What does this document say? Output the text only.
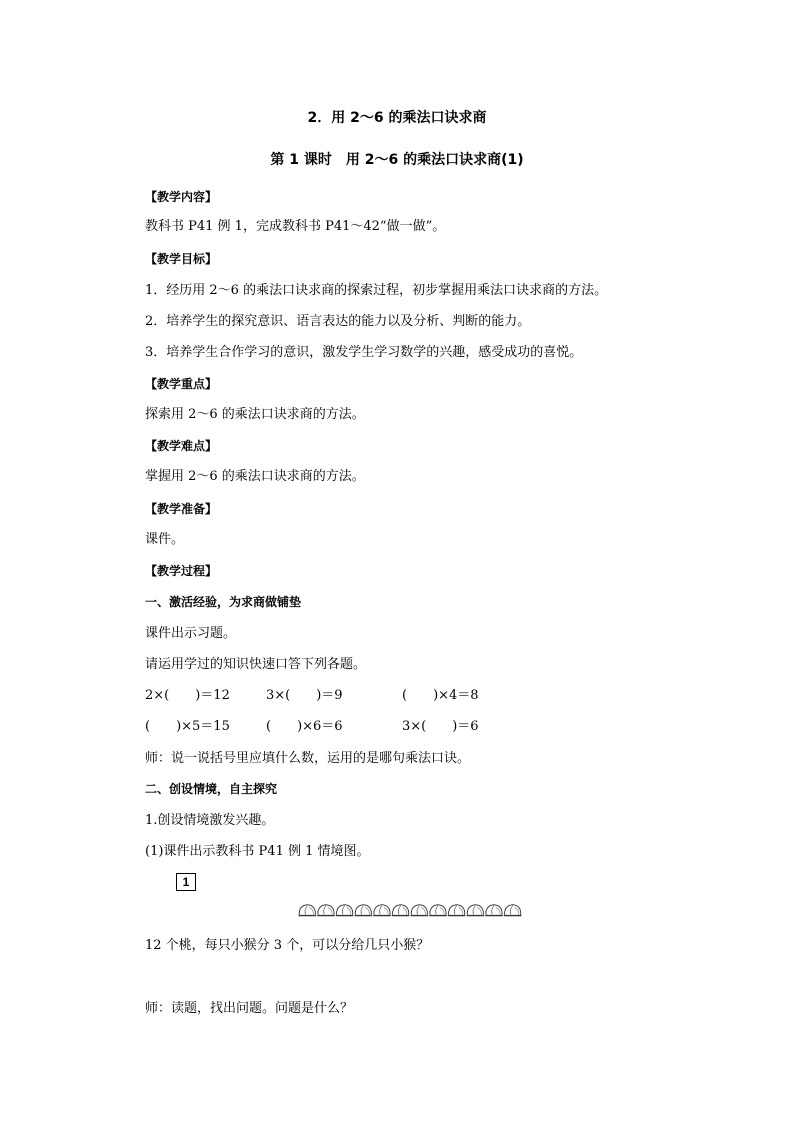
2．用 2～6 的乘法口诀求商
第 1 课时　用 2～6 的乘法口诀求商(1)
【教学内容】
教科书 P41 例 1，完成教科书 P41～42“做一做”。
【教学目标】
1．经历用 2～6 的乘法口诀求商的探索过程，初步掌握用乘法口诀求商的方法。
2．培养学生的探究意识、语言表达的能力以及分析、判断的能力。
3．培养学生合作学习的意识，激发学生学习数学的兴趣，感受成功的喜悦。
【教学重点】
探索用 2～6 的乘法口诀求商的方法。
【教学难点】
掌握用 2～6 的乘法口诀求商的方法。
【教学准备】
课件。
【教学过程】
一、激活经验，为求商做铺垫
课件出示习题。
请运用学过的知识快速口答下列各题。
2×(　　)＝12	3×(　　)＝9	(　　)×4＝8
(　　)×5＝15	(　　)×6＝6	3×(　　)＝6
师：说一说括号里应填什么数，运用的是哪句乘法口诀。
二、创设情境，自主探究
1.创设情境激发兴趣。
(1)课件出示教科书 P41 例 1 情境图。
1
12 个桃，每只小猴分 3 个，可以分给几只小猴？
师：读题，找出问题。问题是什么？
